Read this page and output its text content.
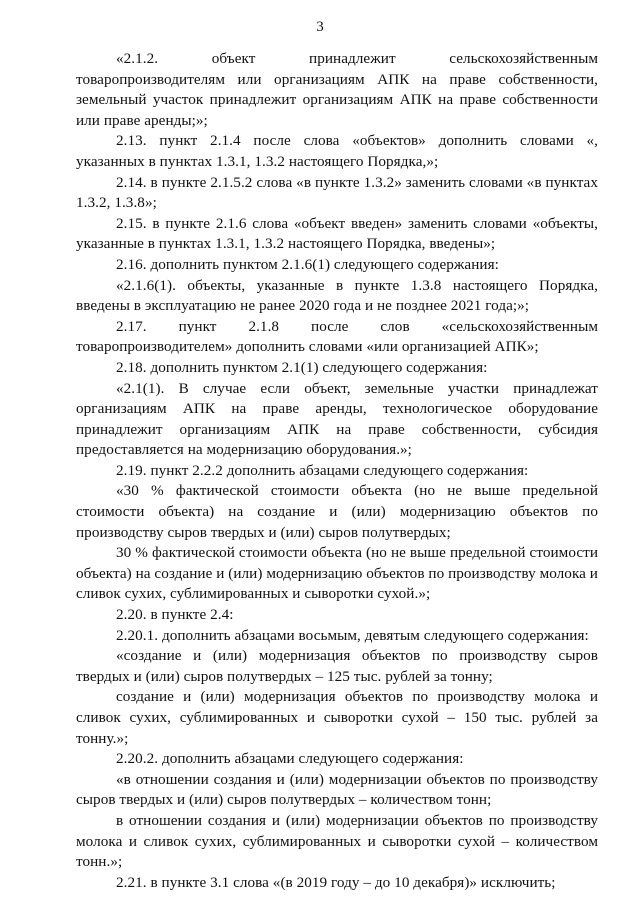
3

«2.1.2. объект принадлежит сельскохозяйственным товаропроизводителям или организациям АПК на праве собственности, земельный участок принадлежит организациям АПК на праве собственности или праве аренды;»;

2.13. пункт 2.1.4 после слова «объектов» дополнить словами «, указанных в пунктах 1.3.1, 1.3.2 настоящего Порядка,»;

2.14. в пункте 2.1.5.2 слова «в пункте 1.3.2» заменить словами «в пунктах 1.3.2, 1.3.8»;

2.15. в пункте 2.1.6 слова «объект введен» заменить словами «объекты, указанные в пунктах 1.3.1, 1.3.2 настоящего Порядка, введены»;

2.16. дополнить пунктом 2.1.6(1) следующего содержания:

«2.1.6(1). объекты, указанные в пункте 1.3.8 настоящего Порядка, введены в эксплуатацию не ранее 2020 года и не позднее 2021 года;»;

2.17. пункт 2.1.8 после слов «сельскохозяйственным товаропроизводителем» дополнить словами «или организацией АПК»;

2.18. дополнить пунктом 2.1(1) следующего содержания:

«2.1(1). В случае если объект, земельные участки принадлежат организациям АПК на праве аренды, технологическое оборудование принадлежит организациям АПК на праве собственности, субсидия предоставляется на модернизацию оборудования.»;

2.19. пункт 2.2.2 дополнить абзацами следующего содержания:

«30 % фактической стоимости объекта (но не выше предельной стоимости объекта) на создание и (или) модернизацию объектов по производству сыров твердых и (или) сыров полутвердых;

30 % фактической стоимости объекта (но не выше предельной стоимости объекта) на создание и (или) модернизацию объектов по производству молока и сливок сухих, сублимированных и сыворотки сухой.»;

2.20. в пункте 2.4:

2.20.1. дополнить абзацами восьмым, девятым следующего содержания:

«создание и (или) модернизация объектов по производству сыров твердых и (или) сыров полутвердых – 125 тыс. рублей за тонну;

создание и (или) модернизация объектов по производству молока и сливок сухих, сублимированных и сыворотки сухой – 150 тыс. рублей за тонну.»;

2.20.2. дополнить абзацами следующего содержания:

«в отношении создания и (или) модернизации объектов по производству сыров твердых и (или) сыров полутвердых – количеством тонн;

в отношении создания и (или) модернизации объектов по производству молока и сливок сухих, сублимированных и сыворотки сухой – количеством тонн.»;

2.21. в пункте 3.1 слова «(в 2019 году – до 10 декабря)» исключить;
